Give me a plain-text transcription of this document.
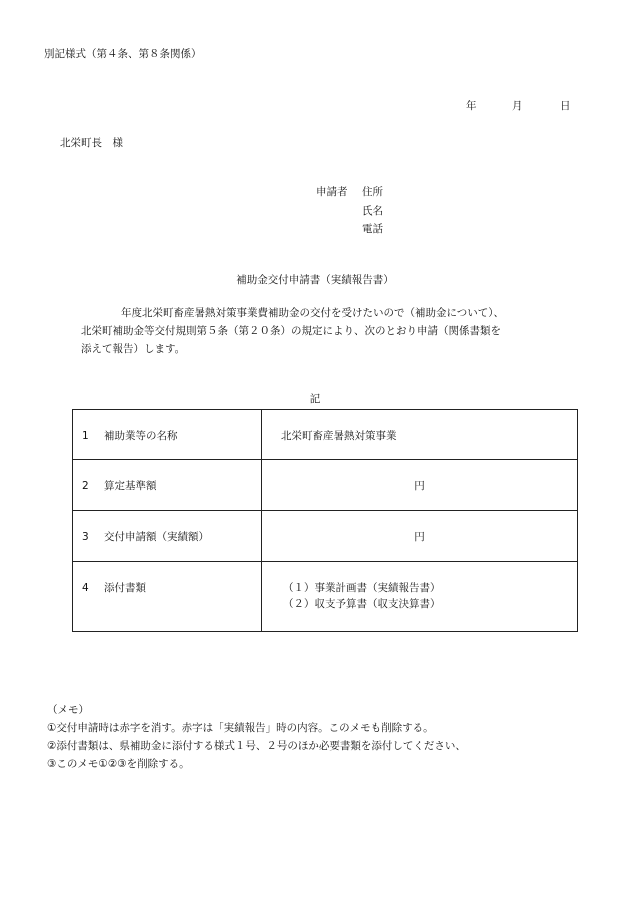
別記様式（第４条、第８条関係）
年	月	日
北栄町長　様
申請者 住所
氏名
電話
補助金交付申請書（実績報告書）

年度北栄町畜産暑熱対策事業費補助金の交付を受けたいので（補助金について）、

北栄町補助金等交付規則第５条（第２０条）の規定により、次のとおり申請（関係書類を

添えて報告）します。

記
1 補助業等の名称	北栄町畜産暑熱対策事業
2 算定基準額	円
3 交付申請額（実績額）	円
4 添付書類	（１）事業計画書（実績報告書）
（２）収支予算書（収支決算書）
（メモ）
①交付申請時は赤字を消す。赤字は「実績報告」時の内容。このメモも削除する。
②添付書類は、県補助金に添付する様式１号、２号のほか必要書類を添付してください、
③このメモ①②③を削除する。
